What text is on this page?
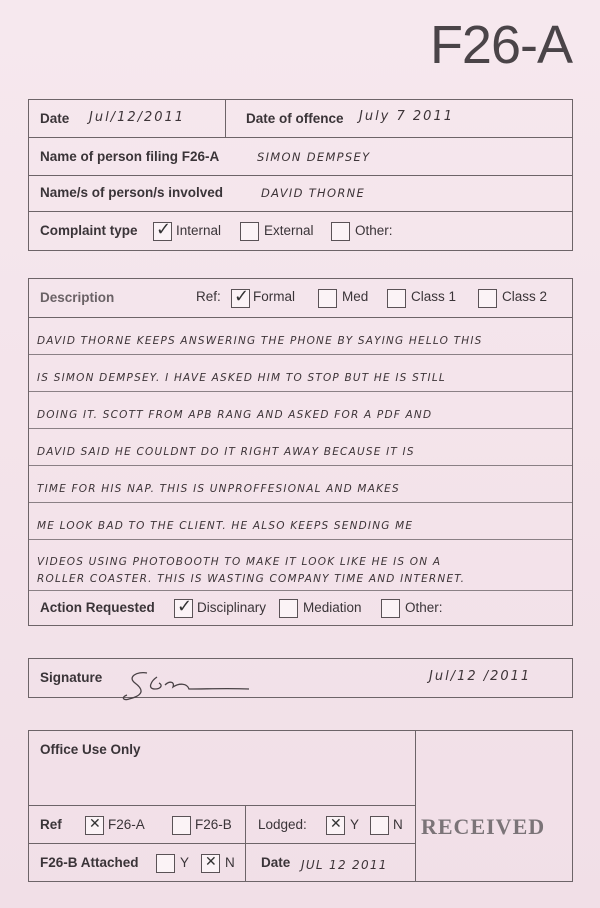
F26-A
Date Jul/12/2011	Date of offence July 7 2011
Name of person filing F26-A	SIMON DEMPSEY
Name/s of person/s involved	DAVID THORNE
Complaint type ✓ Internal	External	Other:
Description	Ref: ✓ Formal	Med	Class 1	Class 2
DAVID THORNE KEEPS ANSWERING THE PHONE BY SAYING HELLO THIS
IS SIMON DEMPSEY. I HAVE ASKED HIM TO STOP BUT HE IS STILL
DOING IT. SCOTT FROM APB RANG AND ASKED FOR A PDF AND
DAVID SAID HE COULDNT DO IT RIGHT AWAY BECAUSE IT IS
TIME FOR HIS NAP. THIS IS UNPROFFESIONAL AND MAKES
ME LOOK BAD TO THE CLIENT. HE ALSO KEEPS SENDING ME
VIDEOS USING PHOTOBOOTH TO MAKE IT LOOK LIKE HE IS ON A
ROLLER COASTER. THIS IS WASTING COMPANY TIME AND INTERNET.
Action Requested ✓ Disciplinary	Mediation	Other:
Signature	Jul/12 /2011
Office Use Only
RECEIVED
Ref ✕ F26-A	F26-B Lodged: ✕ Y	N
F26-B Attached	Y ✕ N Date JUL 12 2011
